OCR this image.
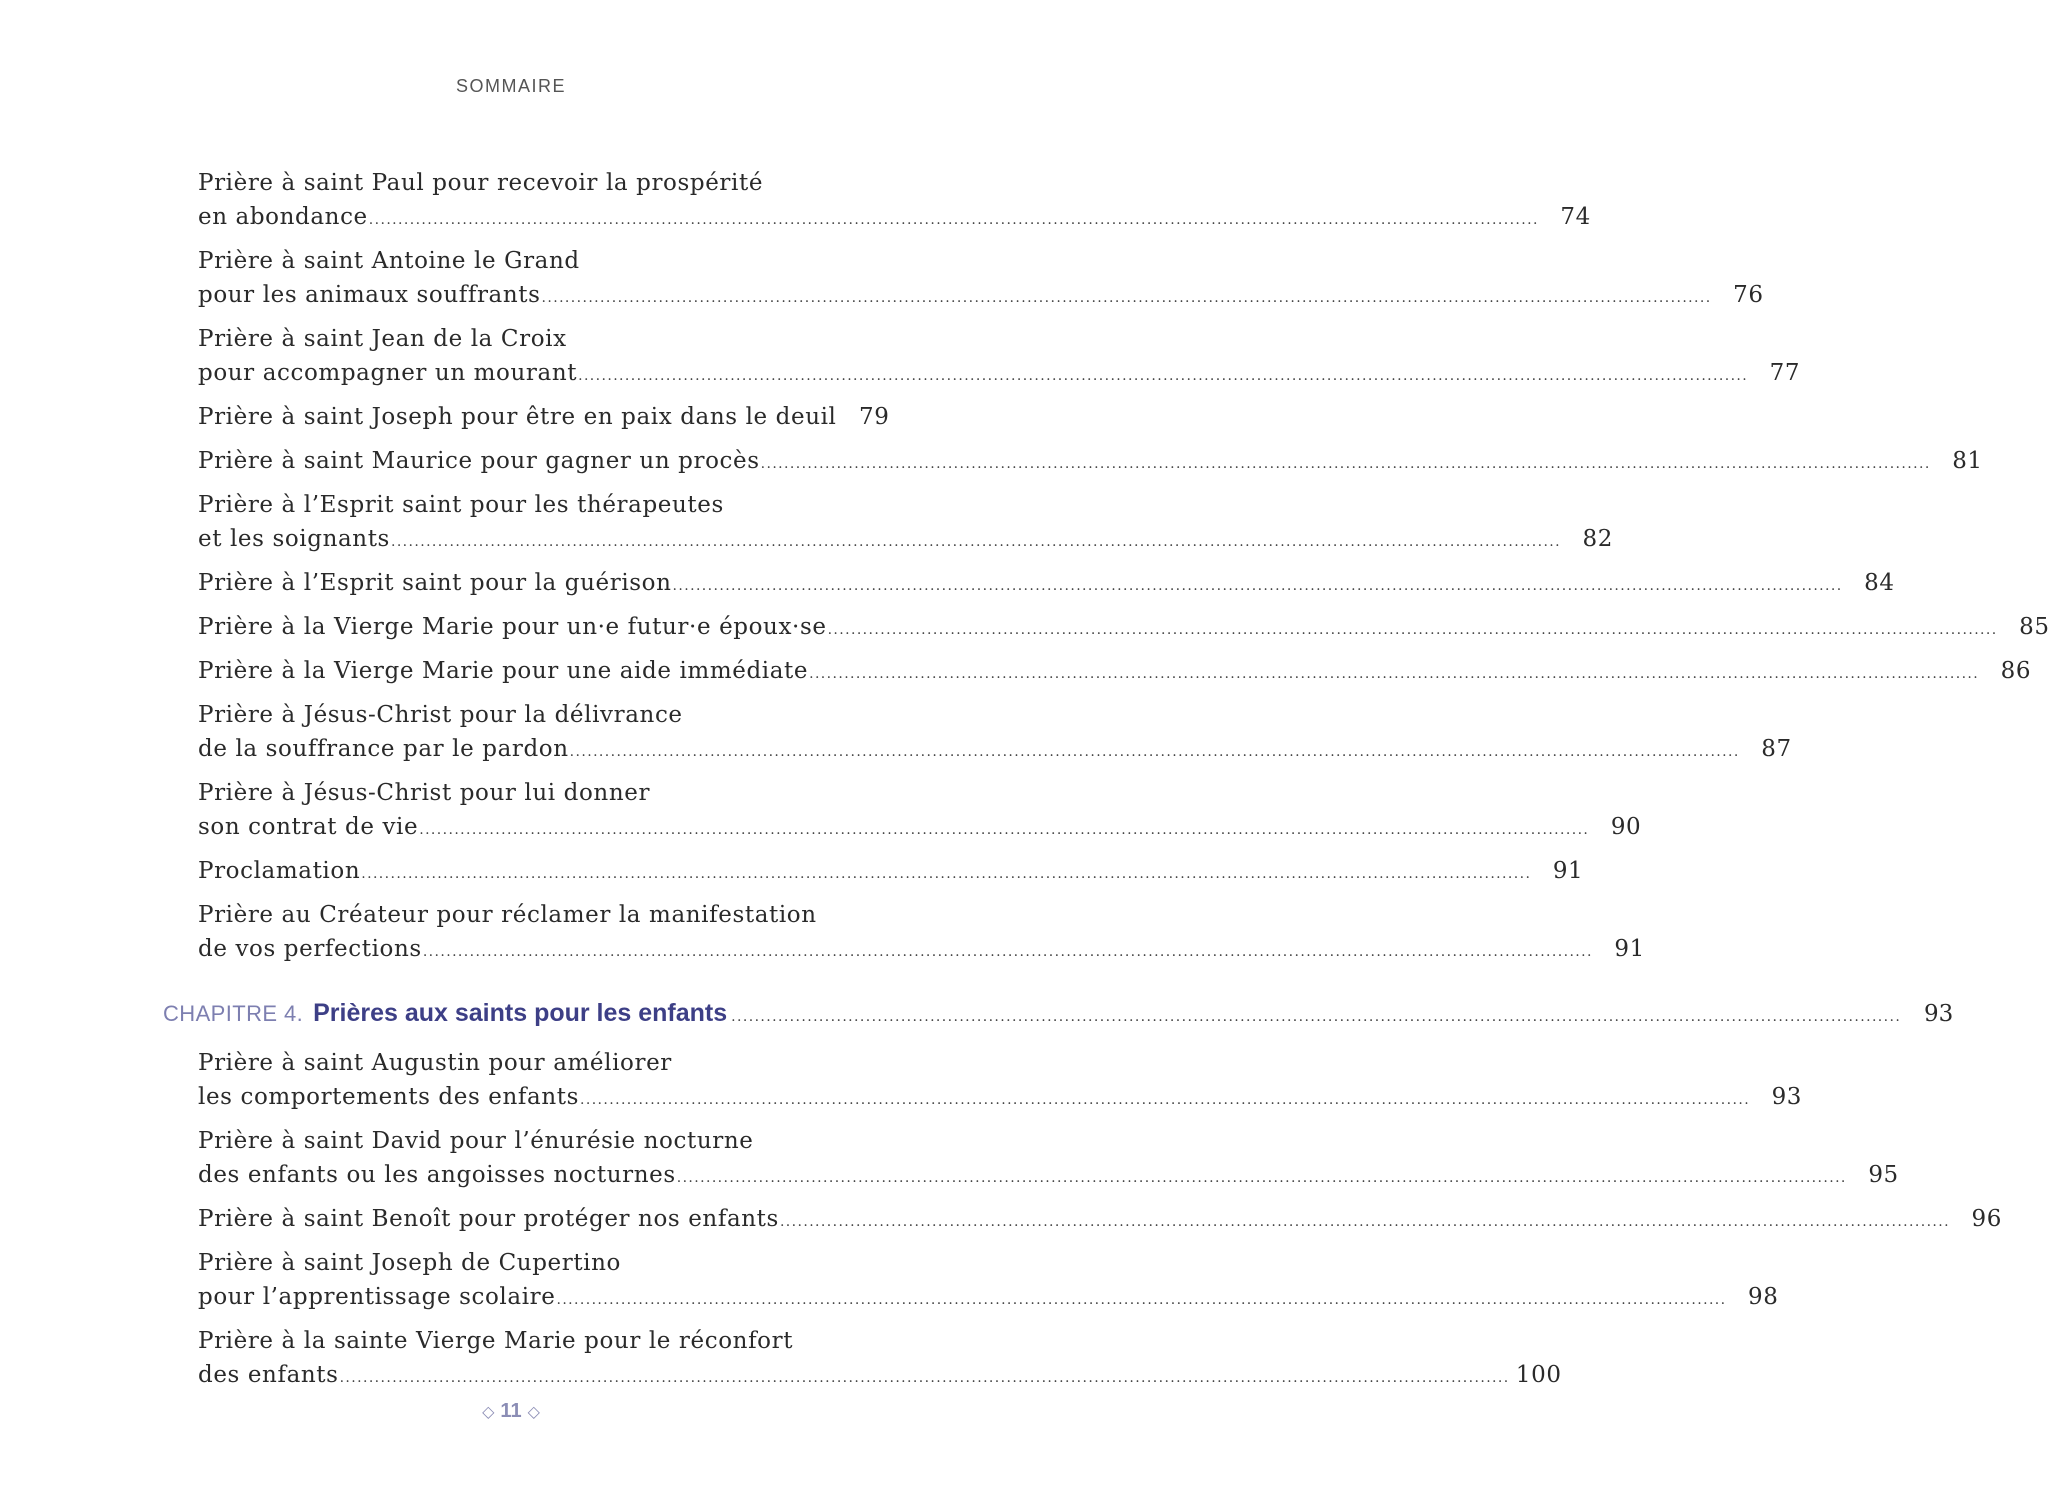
SOMMAIRE
Prière à saint Paul pour recevoir la prospérité
en abondance ........................................................................................................................................................................................................ 74
Prière à saint Antoine le Grand
pour les animaux souffrants ........................................................................................................................................................................................................ 76
Prière à saint Jean de la Croix
pour accompagner un mourant ........................................................................................................................................................................................................ 77
Prière à saint Joseph pour être en paix dans le deuil 79
Prière à saint Maurice pour gagner un procès ........................................................................................................................................................................................................ 81
Prière à l’Esprit saint pour les thérapeutes
et les soignants ........................................................................................................................................................................................................ 82
Prière à l’Esprit saint pour la guérison ........................................................................................................................................................................................................ 84
Prière à la Vierge Marie pour un·e futur·e époux·se ........................................................................................................................................................................................................ 85
Prière à la Vierge Marie pour une aide immédiate ........................................................................................................................................................................................................ 86
Prière à Jésus-Christ pour la délivrance
de la souffrance par le pardon ........................................................................................................................................................................................................ 87
Prière à Jésus-Christ pour lui donner
son contrat de vie ........................................................................................................................................................................................................ 90
Proclamation ........................................................................................................................................................................................................ 91
Prière au Créateur pour réclamer la manifestation
de vos perfections ........................................................................................................................................................................................................ 91
CHAPITRE 4. Prières aux saints pour les enfants ........................................................................................................................................................................................................ 93
Prière à saint Augustin pour améliorer
les comportements des enfants ........................................................................................................................................................................................................ 93
Prière à saint David pour l’énurésie nocturne
des enfants ou les angoisses nocturnes ........................................................................................................................................................................................................ 95
Prière à saint Benoît pour protéger nos enfants ........................................................................................................................................................................................................ 96
Prière à saint Joseph de Cupertino
pour l’apprentissage scolaire ........................................................................................................................................................................................................ 98
Prière à la sainte Vierge Marie pour le réconfort
des enfants ........................................................................................................................................................................................................ 100
◇ 11 ◇
